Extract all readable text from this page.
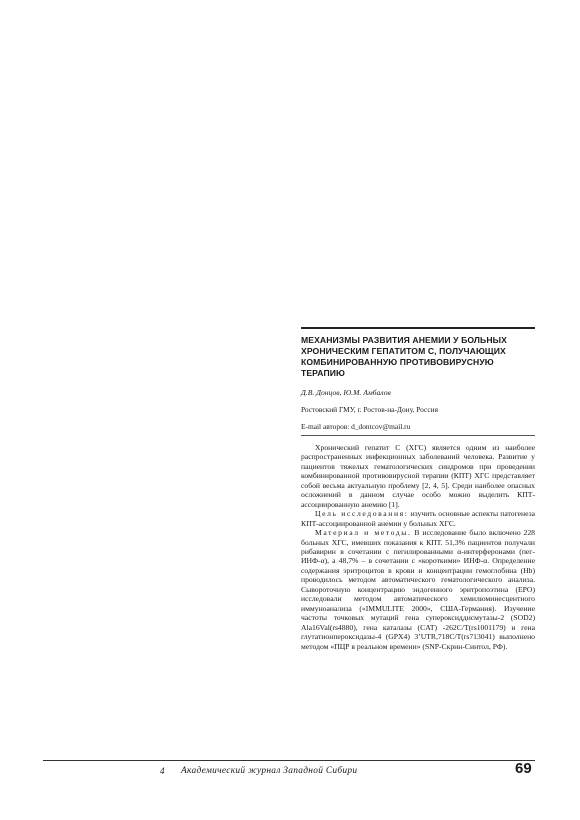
МЕХАНИЗМЫ РАЗВИТИЯ АНЕМИИ У БОЛЬНЫХ ХРОНИЧЕСКИМ ГЕПАТИТОМ С, ПОЛУЧАЮЩИХ КОМБИНИРОВАННУЮ ПРОТИВОВИРУСНУЮ ТЕРАПИЮ

Д.В. Донцов, Ю.М. Амбалов

Ростовский ГМУ, г. Ростов-на-Дону, Россия

E-mail авторов: d_dontcov@mail.ru

Хронический гепатит С (ХГС) является одним из наиболее распространенных инфекционных заболеваний человека. Развитие у пациентов тяжелых гематологических синдромов при проведении комбинированной противовирусной терапии (КПТ) ХГС представляет собой весьма актуальную проблему [2, 4, 5]. Среди наиболее опасных осложнений в данном случае особо можно выделить КПТ-ассоциированную анемию [1].

Цель исследования: изучить основные аспекты патогенеза КПТ-ассоциированной анемии у больных ХГС.

Материал и методы. В исследование было включено 228 больных ХГС, имевших показания к КПТ. 51,3% пациентов получали рибавирин в сочетании с пегилированными α-интерферонами (пег-ИНФ-α), а 48,7% – в сочетании с «короткими» ИНФ-α. Определение содержания эритроцитов в крови и концентрации гемоглобина (Hb) проводилось методом автоматического гематологического анализа. Сывороточную концентрацию эндогенного эритропоэтина (EPO) исследовали методом автоматического хемилюминесцентного иммуноанализа («IMMULITE 2000», США-Германия). Изучение частоты точковых мутаций гена супероксиддисмутазы-2 (SOD2) Ala16Val(rs4880), гена каталазы (CAT) -262C/T(rs1001179) и гена глутатионпероксидазы-4 (GPX4) 3’UTR,718C/T(rs713041) выполнено методом «ПЦР в реальном времени» (SNP-Скрин-Синтол, РФ).

4 Академический журнал Западной Сибири	69
